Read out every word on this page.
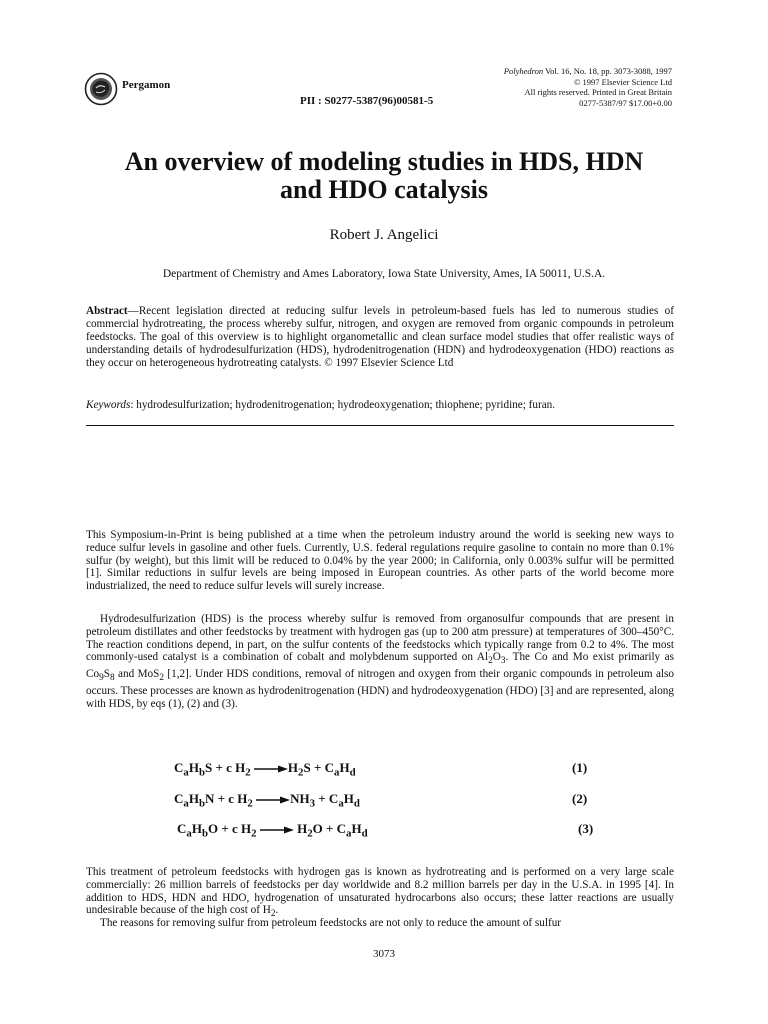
Pergamon
PII : S0277-5387(96)00581-5
Polyhedron Vol. 16, No. 18, pp. 3073-3088, 1997
© 1997 Elsevier Science Ltd
All rights reserved. Printed in Great Britain
0277-5387/97 $17.00+0.00
An overview of modeling studies in HDS, HDN
and HDO catalysis
Robert J. Angelici
Department of Chemistry and Ames Laboratory, Iowa State University, Ames, IA 50011, U.S.A.
Abstract—Recent legislation directed at reducing sulfur levels in petroleum-based fuels has led to numerous studies of commercial hydrotreating, the process whereby sulfur, nitrogen, and oxygen are removed from organic compounds in petroleum feedstocks. The goal of this overview is to highlight organometallic and clean surface model studies that offer realistic ways of understanding details of hydrodesulfurization (HDS), hydrodenitrogenation (HDN) and hydrodeoxygenation (HDO) reactions as they occur on heterogeneous hydrotreating catalysts. © 1997 Elsevier Science Ltd
Keywords: hydrodesulfurization; hydrodenitrogenation; hydrodeoxygenation; thiophene; pyridine; furan.

This Symposium-in-Print is being published at a time when the petroleum industry around the world is seeking new ways to reduce sulfur levels in gasoline and other fuels. Currently, U.S. federal regulations require gasoline to contain no more than 0.1% sulfur (by weight), but this limit will be reduced to 0.04% by the year 2000; in California, only 0.003% sulfur will be permitted [1]. Similar reductions in sulfur levels are being imposed in European countries. As other parts of the world become more industrialized, the need to reduce sulfur levels will surely increase.

Hydrodesulfurization (HDS) is the process whereby sulfur is removed from organosulfur compounds that are present in petroleum distillates and other feedstocks by treatment with hydrogen gas (up to 200 atm pressure) at temperatures of 300–450°C. The reaction conditions depend, in part, on the sulfur contents of the feedstocks which typically range from 0.2 to 4%. The most commonly-used catalyst is a combination of cobalt and molybdenum supported on $Al_2O_3$. The Co and Mo exist primarily as $Co_9S_8$ and MoS$_2$ [1,2]. Under HDS conditions, removal of nitrogen and oxygen from their organic compounds in petroleum also occurs. These processes are known as hydrodenitrogenation (HDN) and hydrodeoxygenation (HDO) [3] and are represented, along with HDS, by eqs (1), (2) and (3).

$C_aH_bS + c$ $H_2 \to H_2S + C_aH_d$	(1)
$C_aH_bN + c$ $H_2 \to NH_3 + C_aH_d$	(2)
$C_aH_bO + c$ $H_2 \to H_2O + C_aH_d$	(3)

This treatment of petroleum feedstocks with hydrogen gas is known as hydrotreating and is performed on a very large scale commercially: 26 million barrels of feedstocks per day worldwide and 8.2 million barrels per day in the U.S.A. in 1995 [4]. In addition to HDS, HDN and HDO, hydrogenation of unsaturated hydrocarbons also occurs; these latter reactions are usually undesirable because of the high cost of $H_2$.

The reasons for removing sulfur from petroleum feedstocks are not only to reduce the amount of sulfur

3073
